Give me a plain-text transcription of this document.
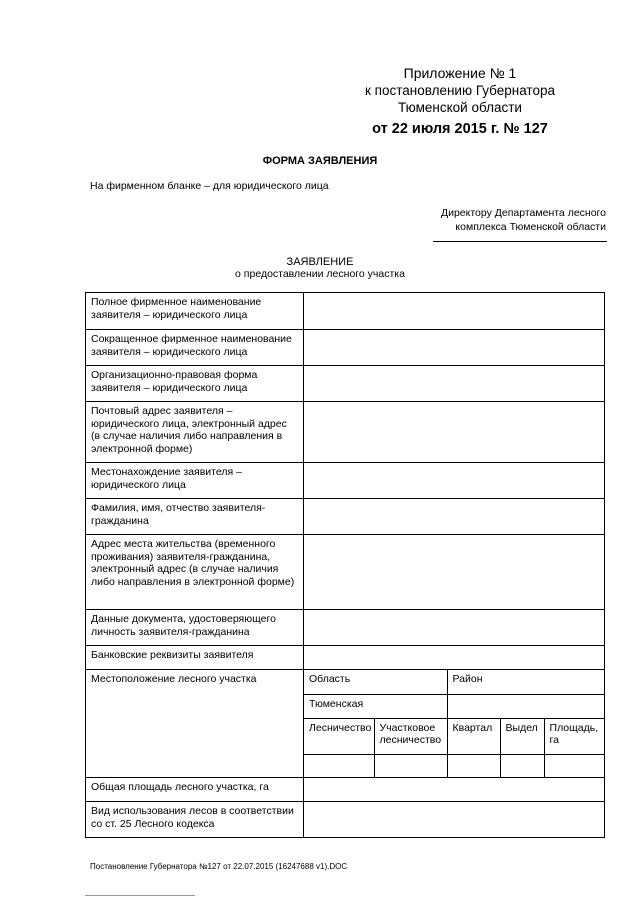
Приложение № 1
к постановлению Губернатора
Тюменской области
от 22 июля 2015 г. № 127
ФОРМА ЗАЯВЛЕНИЯ
На фирменном бланке – для юридического лица
Директору Департамента лесного
комплекса Тюменской области
ЗАЯВЛЕНИЕ
о предоставлении лесного участка
Полное фирменное наименование заявителя – юридического лица	
Сокращенное фирменное наименование заявителя – юридического лица	
Организационно-правовая форма заявителя – юридического лица	
Почтовый адрес заявителя – юридического лица, электронный адрес (в случае наличия либо направления в электронной форме)	
Местонахождение заявителя – юридического лица	
Фамилия, имя, отчество заявителя-гражданина	
Адрес места жительства (временного проживания) заявителя-гражданина, электронный адрес (в случае наличия либо направления в электронной форме)	
Данные документа, удостоверяющего личность заявителя-гражданина	
Банковские реквизиты заявителя	
Местоположение лесного участка		Область	Район
Тюменская	
Лесничество	Участковое лесничество	Квартал	Выдел	Площадь, га

Общая площадь лесного участка, га	
Вид использования лесов в соответствии со ст. 25 Лесного кодекса	
Постановление Губернатора №127 от 22.07.2015 (16247688 v1).DOC
